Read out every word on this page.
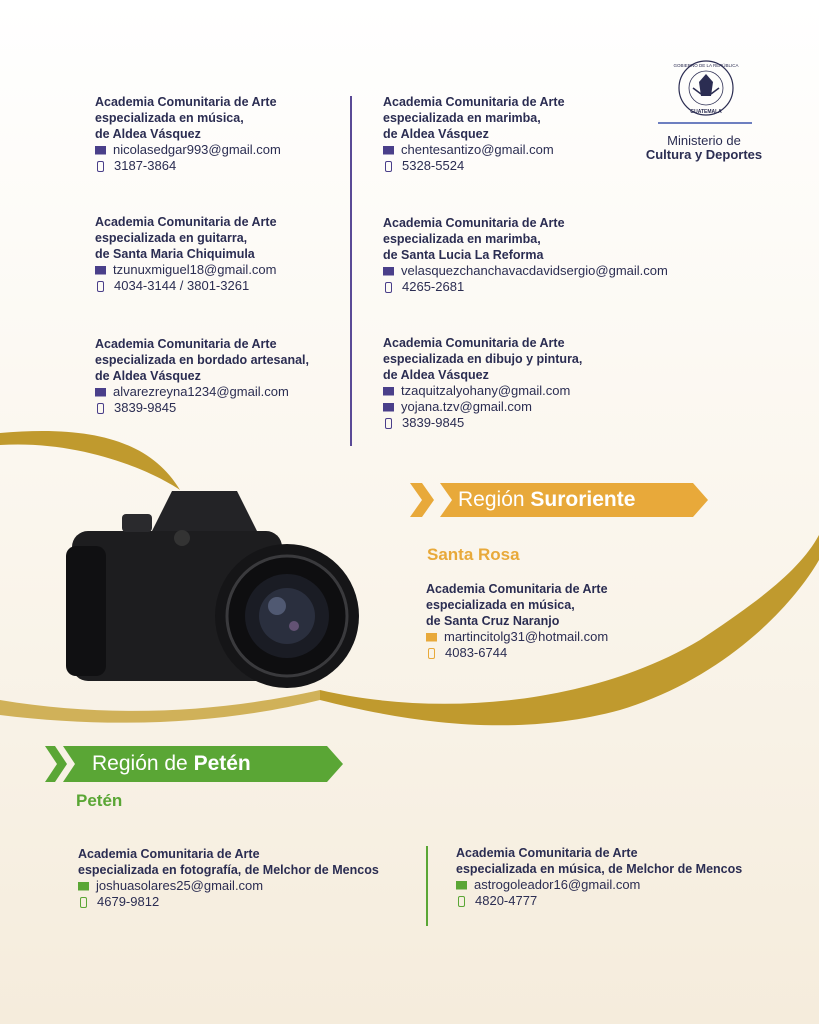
GOBIERNO DE LA REPÚBLICA
GUATEMALA
Ministerio de
Cultura y Deportes
Academia Comunitaria de Arte
especializada en música,
de Aldea Vásquez
nicolasedgar993@gmail.com
3187-3864
Academia Comunitaria de Arte
especializada en guitarra,
de Santa Maria Chiquimula
tzunuxmiguel18@gmail.com
4034-3144 / 3801-3261
Academia Comunitaria de Arte
especializada en bordado artesanal,
de Aldea Vásquez
alvarezreyna1234@gmail.com
3839-9845
Academia Comunitaria de Arte
especializada en marimba,
de Aldea Vásquez
chentesantizo@gmail.com
5328-5524
Academia Comunitaria de Arte
especializada en marimba,
de Santa Lucia La Reforma
velasquezchanchavacdavidsergio@gmail.com
4265-2681
Academia Comunitaria de Arte
especializada en dibujo y pintura,
de Aldea Vásquez
tzaquitzalyohany@gmail.com
yojana.tzv@gmail.com
3839-9845
Región Suroriente
Santa Rosa
Academia Comunitaria de Arte
especializada en música,
de Santa Cruz Naranjo
martincitolg31@hotmail.com
4083-6744
Región de Petén
Petén
Academia Comunitaria de Arte
especializada en fotografía, de Melchor de Mencos
joshuasolares25@gmail.com
4679-9812
Academia Comunitaria de Arte
especializada en música, de Melchor de Mencos
astrogoleador16@gmail.com
4820-4777
